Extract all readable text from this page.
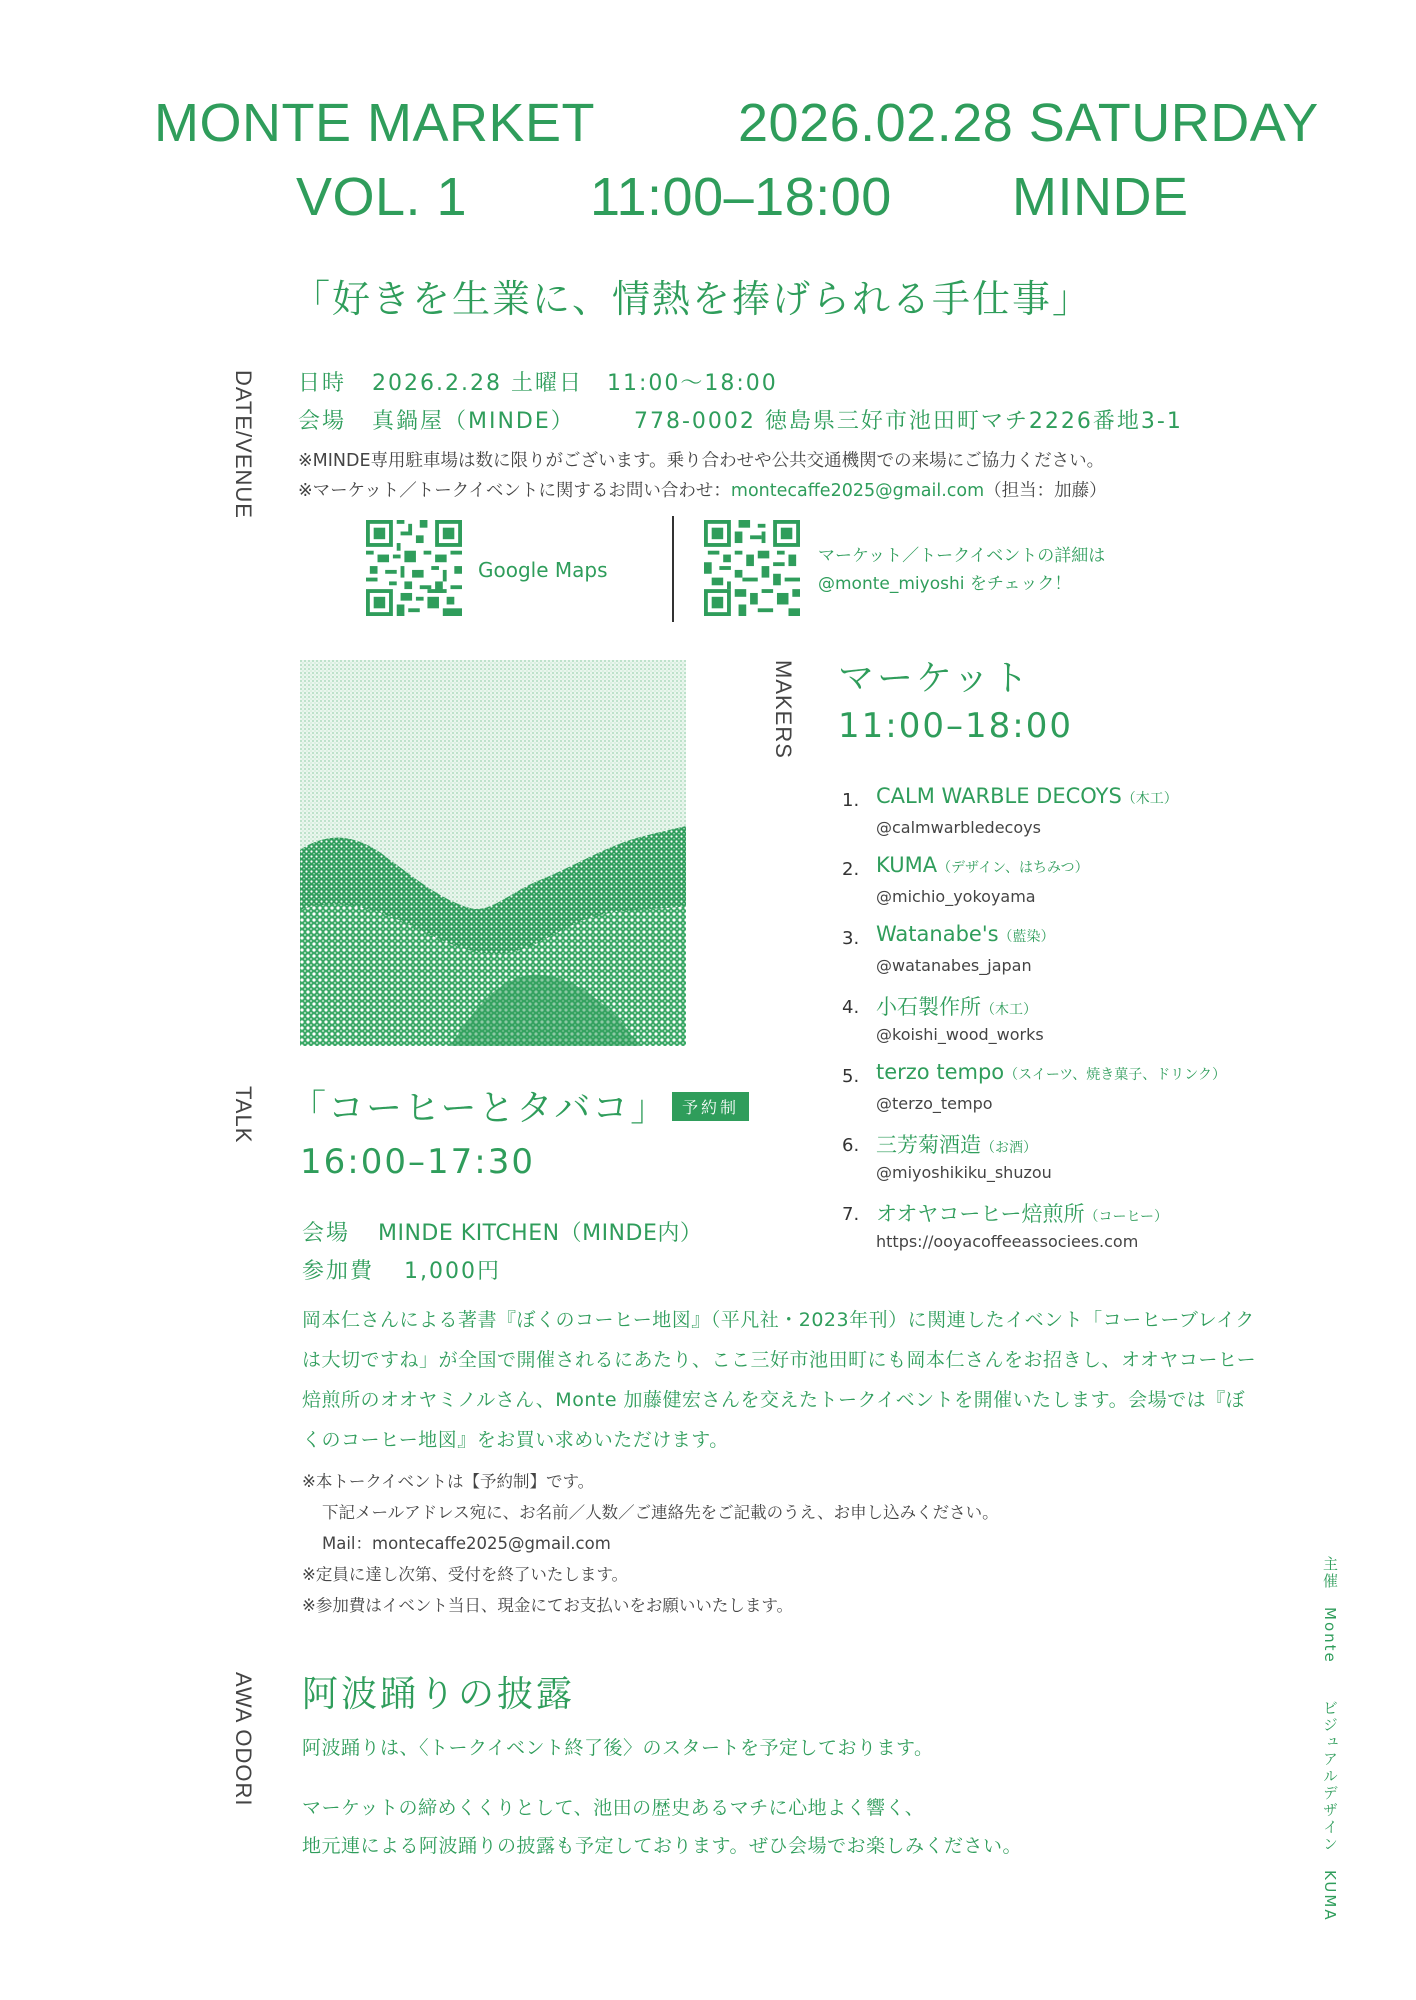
MONTE MARKET	2026.02.28 SATURDAY
VOL. 1 11:00–18:00 MINDE
「好きを生業に、情熱を捧げられる手仕事」
DATE/VENUE 日時 2026.2.28 土曜日　11:00〜18:00
会場 真鍋屋（MINDE）	778-0002 徳島県三好市池田町マチ2226番地3-1
※MINDE専用駐車場は数に限りがございます。乗り合わせや公共交通機関での来場にご協力ください。
※マーケット／トークイベントに関するお問い合わせ：montecaffe2025@gmail.com（担当：加藤）
Google Maps
マーケット／トークイベントの詳細は
@monte_miyoshi をチェック！
MAKERS マーケット
11:00–18:00
1. CALM WARBLE DECOYS（木工）
@calmwarbledecoys
2. KUMA（デザイン、はちみつ）
@michio_yokoyama
3. Watanabe's（藍染）
@watanabes_japan
4. 小石製作所（木工）
@koishi_wood_works
5. terzo tempo（スイーツ、焼き菓子、ドリンク）
@terzo_tempo
6. 三芳菊酒造（お酒）
@miyoshikiku_shuzou
7. オオヤコーヒー焙煎所（コーヒー）
https://ooyacoffeeassociees.com
TALK 「コーヒーとタバコ」 予約制
16:00–17:30
会場 MINDE KITCHEN（MINDE内）
参加費 1,000円
岡本仁さんによる著書『ぼくのコーヒー地図』（平凡社・2023年刊）に関連したイベント「コーヒーブレイクは大切ですね」が全国で開催されるにあたり、ここ三好市池田町にも岡本仁さんをお招きし、オオヤコーヒー焙煎所のオオヤミノルさん、Monte 加藤健宏さんを交えたトークイベントを開催いたします。会場では『ぼくのコーヒー地図』をお買い求めいただけます。
※本トークイベントは【予約制】です。
下記メールアドレス宛に、お名前／人数／ご連絡先をご記載のうえ、お申し込みください。
Mail：montecaffe2025@gmail.com
※定員に達し次第、受付を終了いたします。
※参加費はイベント当日、現金にてお支払いをお願いいたします。
AWA ODORI 阿波踊りの披露
阿波踊りは、〈トークイベント終了後〉のスタートを予定しております。
マーケットの締めくくりとして、池田の歴史あるマチに心地よく響く、
地元連による阿波踊りの披露も予定しております。ぜひ会場でお楽しみください。
主催　Monte
ビジュアルデザイン　KUMA
